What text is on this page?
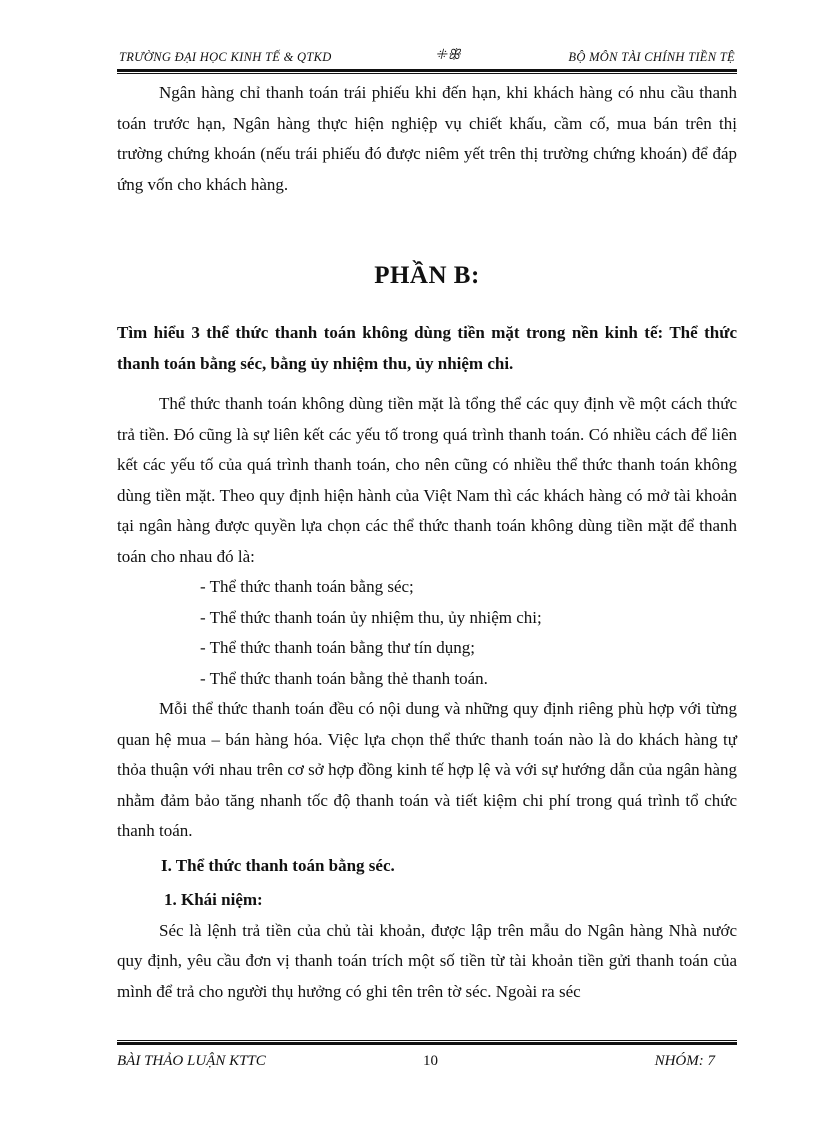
TRƯỜNG ĐẠI HỌC KINH TẾ & QTKD	ꔰꕥ	BỘ MÔN TÀI CHÍNH TIỀN TỆ

Ngân hàng chỉ thanh toán trái phiếu khi đến hạn, khi khách hàng có nhu cầu thanh toán trước hạn, Ngân hàng thực hiện nghiệp vụ chiết khấu, cầm cố, mua bán trên thị trường chứng khoán (nếu trái phiếu đó được niêm yết trên thị trường chứng khoán) để đáp ứng vốn cho khách hàng.

PHẦN B:

Tìm hiểu 3 thể thức thanh toán không dùng tiền mặt trong nền kinh tế: Thể thức thanh toán bằng séc, bằng ủy nhiệm thu, ủy nhiệm chi.

Thể thức thanh toán không dùng tiền mặt là tổng thể các quy định về một cách thức trả tiền. Đó cũng là sự liên kết các yếu tố trong quá trình thanh toán. Có nhiều cách để liên kết các yếu tố của quá trình thanh toán, cho nên cũng có nhiều thể thức thanh toán không dùng tiền mặt. Theo quy định hiện hành của Việt Nam thì các khách hàng có mở tài khoản tại ngân hàng được quyền lựa chọn các thể thức thanh toán không dùng tiền mặt để thanh toán cho nhau đó là:

- Thể thức thanh toán bằng séc;

- Thể thức thanh toán ủy nhiệm thu, ủy nhiệm chi;

- Thể thức thanh toán bằng thư tín dụng;

- Thể thức thanh toán bằng thẻ thanh toán.

Mỗi thể thức thanh toán đều có nội dung và những quy định riêng phù hợp với từng quan hệ mua – bán hàng hóa. Việc lựa chọn thể thức thanh toán nào là do khách hàng tự thỏa thuận với nhau trên cơ sở hợp đồng kinh tế hợp lệ và với sự hướng dẫn của ngân hàng nhằm đảm bảo tăng nhanh tốc độ thanh toán và tiết kiệm chi phí trong quá trình tổ chức thanh toán.

I. Thể thức thanh toán bằng séc.

1. Khái niệm:

Séc là lệnh trả tiền của chủ tài khoản, được lập trên mẫu do Ngân hàng Nhà nước quy định, yêu cầu đơn vị thanh toán trích một số tiền từ tài khoản tiền gửi thanh toán của mình để trả cho người thụ hưởng có ghi tên trên tờ séc. Ngoài ra séc

BÀI THẢO LUẬN KTTC	10	NHÓM: 7
